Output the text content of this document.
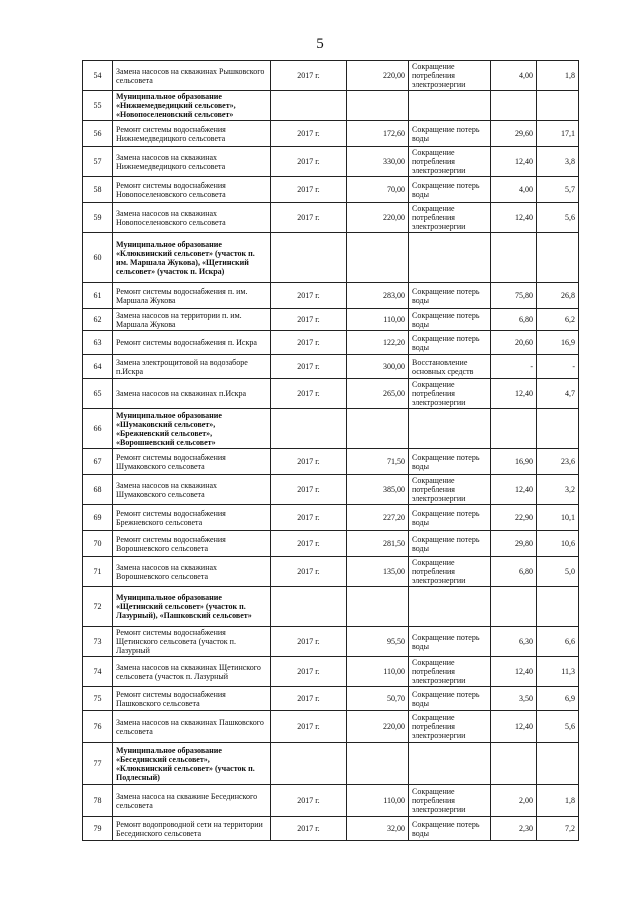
5
54	Замена насосов на скважинах Рышковского сельсовета	2017 г.	220,00	Сокращение потребления электроэнергии	4,00	1,8
55	Муниципальное образование «Нижнемедведицкий сельсовет», «Новопоселеновский сельсовет»					
56	Ремонт системы водоснабжения Нижнемедведицкого сельсовета	2017 г.	172,60	Сокращение потерь воды	29,60	17,1
57	Замена насосов на скважинах Нижнемедведицкого сельсовета	2017 г.	330,00	Сокращение потребления электроэнергии	12,40	3,8
58	Ремонт системы водоснабжения Новопоселеновского сельсовета	2017 г.	70,00	Сокращение потерь воды	4,00	5,7
59	Замена насосов на скважинах Новопоселеновского сельсовета	2017 г.	220,00	Сокращение потребления электроэнергии	12,40	5,6
60	Муниципальное образование «Клюквинский сельсовет» (участок п. им. Маршала Жукова), «Щетинский сельсовет» (участок п. Искра)					
61	Ремонт системы водоснабжения п. им. Маршала Жукова	2017 г.	283,00	Сокращение потерь воды	75,80	26,8
62	Замена насосов на территории п. им. Маршала Жукова	2017 г.	110,00	Сокращение потерь воды	6,80	6,2
63	Ремонт системы водоснабжения п. Искра	2017 г.	122,20	Сокращение потерь воды	20,60	16,9
64	Замена электрощитовой на водозаборе п.Искра	2017 г.	300,00	Восстановление основных средств	-	-
65	Замена насосов на скважинах п.Искра	2017 г.	265,00	Сокращение потребления электроэнергии	12,40	4,7
66	Муниципальное образование «Шумаковский сельсовет», «Брежневский сельсовет», «Ворошневский сельсовет»					
67	Ремонт системы водоснабжения Шумаковского сельсовета	2017 г.	71,50	Сокращение потерь воды	16,90	23,6
68	Замена насосов на скважинах Шумаковского сельсовета	2017 г.	385,00	Сокращение потребления электроэнергии	12,40	3,2
69	Ремонт системы водоснабжения Брежневского сельсовета	2017 г.	227,20	Сокращение потерь воды	22,90	10,1
70	Ремонт системы водоснабжения Ворошневского сельсовета	2017 г.	281,50	Сокращение потерь воды	29,80	10,6
71	Замена насосов на скважинах Ворошневского сельсовета	2017 г.	135,00	Сокращение потребления электроэнергии	6,80	5,0
72	Муниципальное образование «Щетинский сельсовет» (участок п. Лазурный), «Пашковский сельсовет»					
73	Ремонт системы водоснабжения Щетинского сельсовета (участок п. Лазурный	2017 г.	95,50	Сокращение потерь воды	6,30	6,6
74	Замена насосов на скважинах Щетинского сельсовета (участок п. Лазурный	2017 г.	110,00	Сокращение потребления электроэнергии	12,40	11,3
75	Ремонт системы водоснабжения Пашковского сельсовета	2017 г.	50,70	Сокращение потерь воды	3,50	6,9
76	Замена насосов на скважинах Пашковского сельсовета	2017 г.	220,00	Сокращение потребления электроэнергии	12,40	5,6
77	Муниципальное образование «Бесединский сельсовет», «Клюквинский сельсовет» (участок п. Подлесный)					
78	Замена насоса на скважине Бесединского сельсовета	2017 г.	110,00	Сокращение потребления электроэнергии	2,00	1,8
79	Ремонт водопроводной сети на территории Бесединского сельсовета	2017 г.	32,00	Сокращение потерь воды	2,30	7,2
